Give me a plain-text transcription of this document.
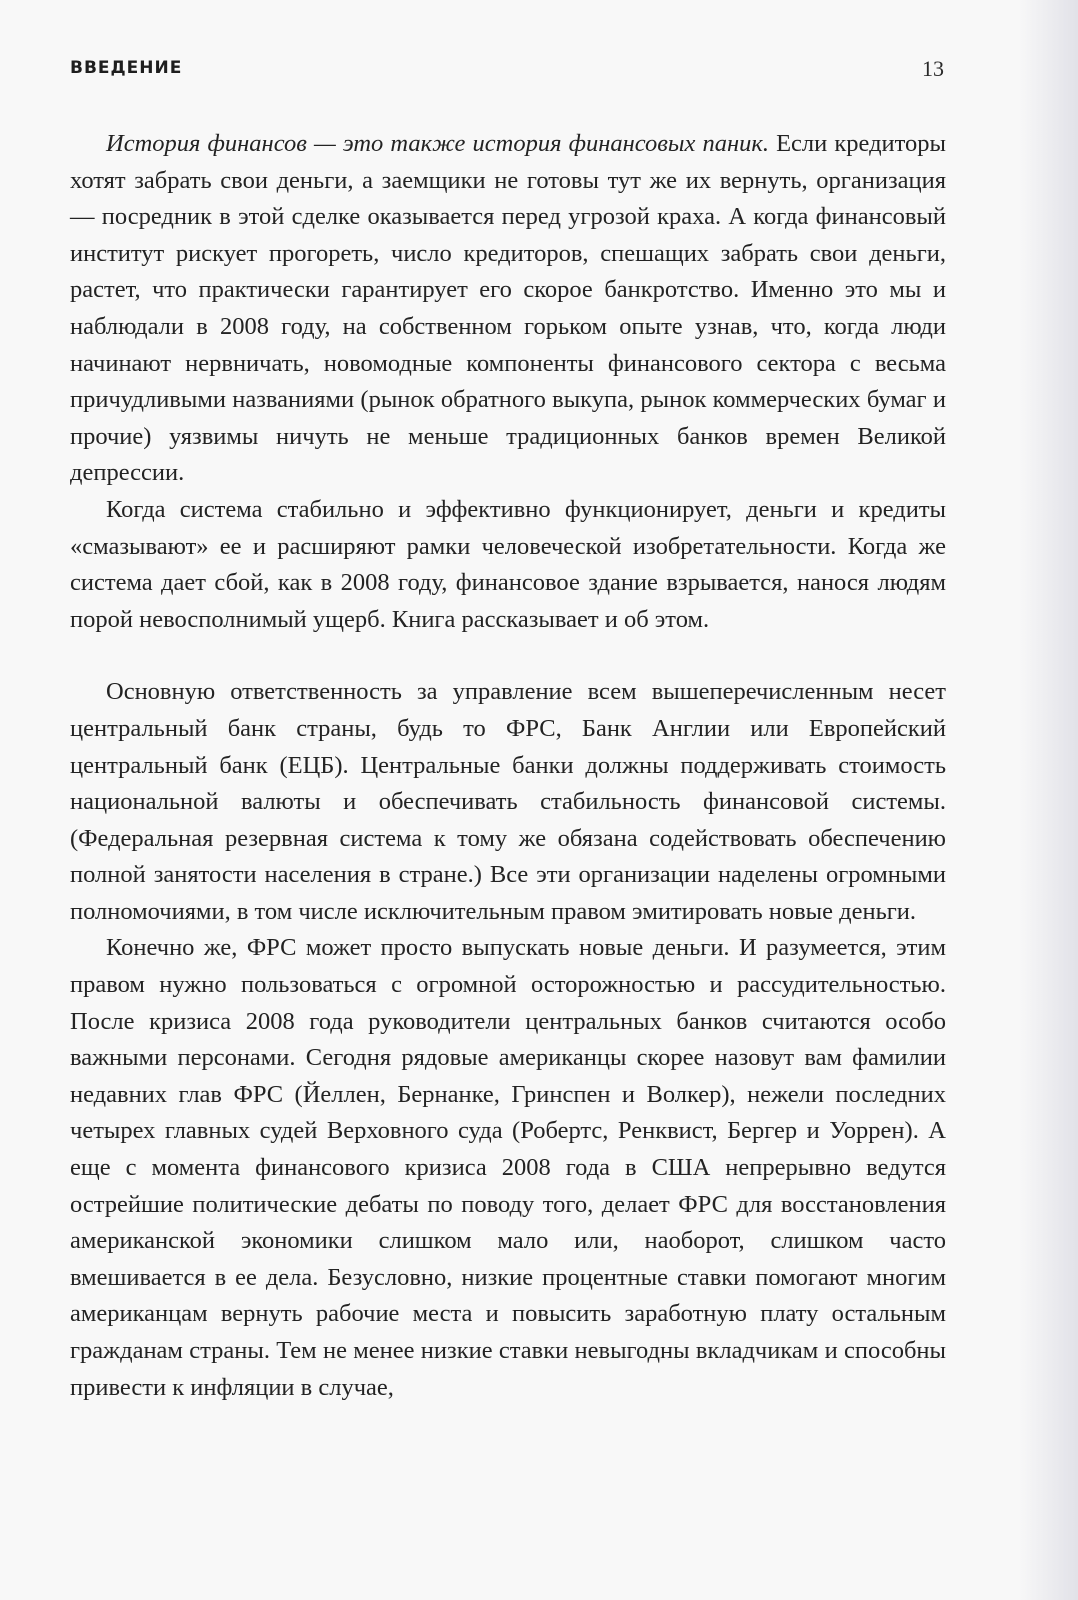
ВВЕДЕНИЕ	13

История финансов — это также история финансовых паник. Если кредиторы хотят забрать свои деньги, а заемщики не готовы тут же их вернуть, организация — посредник в этой сделке оказывается перед угрозой краха. А когда финансовый институт рискует прогореть, число кредиторов, спешащих забрать свои деньги, растет, что практически гарантирует его скорое банкротство. Именно это мы и наблюдали в 2008 году, на собственном горьком опыте узнав, что, когда люди начинают нервничать, новомодные компоненты финансового сектора с весьма причудливыми названиями (рынок обратного выкупа, рынок коммерческих бумаг и прочие) уязвимы ничуть не меньше традиционных банков времен Великой депрессии.

Когда система стабильно и эффективно функционирует, деньги и кредиты «смазывают» ее и расширяют рамки человеческой изобретательности. Когда же система дает сбой, как в 2008 году, финансовое здание взрывается, нанося людям порой невосполнимый ущерб. Книга рассказывает и об этом.

Основную ответственность за управление всем вышеперечисленным несет центральный банк страны, будь то ФРС, Банк Англии или Европейский центральный банк (ЕЦБ). Центральные банки должны поддерживать стоимость национальной валюты и обеспечивать стабильность финансовой системы. (Федеральная резервная система к тому же обязана содействовать обеспечению полной занятости населения в стране.) Все эти организации наделены огромными полномочиями, в том числе исключительным правом эмитировать новые деньги.

Конечно же, ФРС может просто выпускать новые деньги. И разумеется, этим правом нужно пользоваться с огромной осторожностью и рассудительностью. После кризиса 2008 года руководители центральных банков считаются особо важными персонами. Сегодня рядовые американцы скорее назовут вам фамилии недавних глав ФРС (Йеллен, Бернанке, Гринспен и Волкер), нежели последних четырех главных судей Верховного суда (Робертс, Ренквист, Бергер и Уоррен). А еще с момента финансового кризиса 2008 года в США непрерывно ведутся острейшие политические дебаты по поводу того, делает ФРС для восстановления американской экономики слишком мало или, наоборот, слишком часто вмешивается в ее дела. Безусловно, низкие процентные ставки помогают многим американцам вернуть рабочие места и повысить заработную плату остальным гражданам страны. Тем не менее низкие ставки невыгодны вкладчикам и способны привести к инфляции в случае,
